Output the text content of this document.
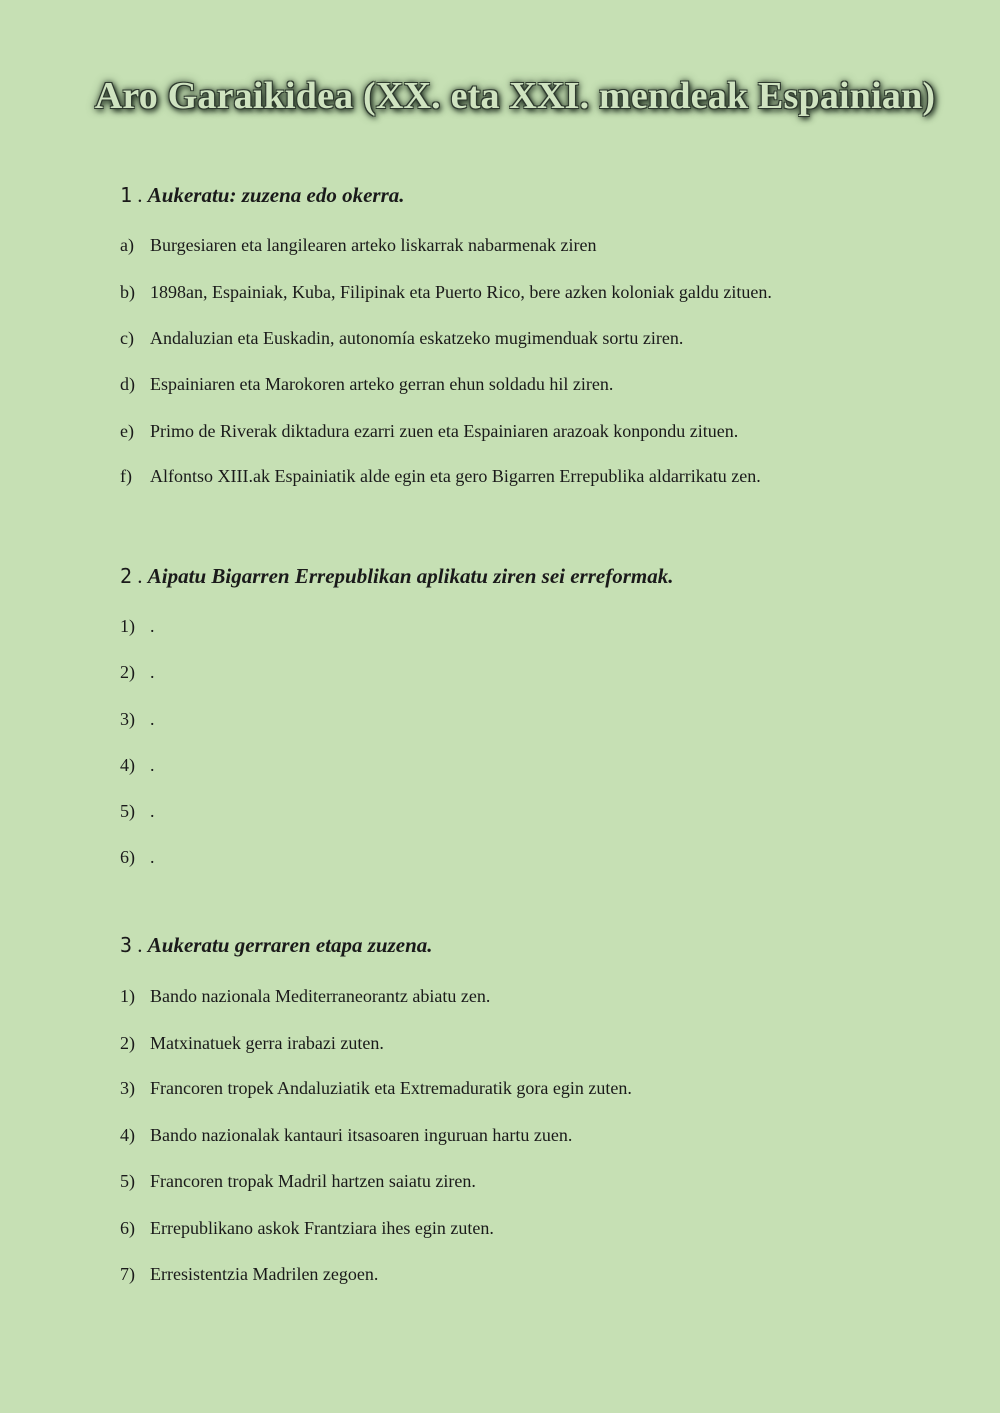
Aro Garaikidea (XX. eta XXI. mendeak Espainian)

1 . Aukeratu: zuzena edo okerra.

a) Burgesiaren eta langilearen arteko liskarrak nabarmenak ziren
b) 1898an, Espainiak, Kuba, Filipinak eta Puerto Rico, bere azken koloniak galdu zituen.
c) Andaluzian eta Euskadin, autonomía eskatzeko mugimenduak sortu ziren.
d) Espainiaren eta Marokoren arteko gerran ehun soldadu hil ziren.
e) Primo de Riverak diktadura ezarri zuen eta Espainiaren arazoak konpondu zituen.
f) Alfontso XIII.ak Espainiatik alde egin eta gero Bigarren Errepublika aldarrikatu zen.

2 . Aipatu Bigarren Errepublikan aplikatu ziren sei erreformak.

1) .
2) .
3) .
4) .
5) .
6) .

3 . Aukeratu gerraren etapa zuzena.

1) Bando nazionala Mediterraneorantz abiatu zen.
2) Matxinatuek gerra irabazi zuten.
3) Francoren tropek Andaluziatik eta Extremaduratik gora egin zuten.
4) Bando nazionalak kantauri itsasoaren inguruan hartu zuen.
5) Francoren tropak Madril hartzen saiatu ziren.
6) Errepublikano askok Frantziara ihes egin zuten.
7) Erresistentzia Madrilen zegoen.
